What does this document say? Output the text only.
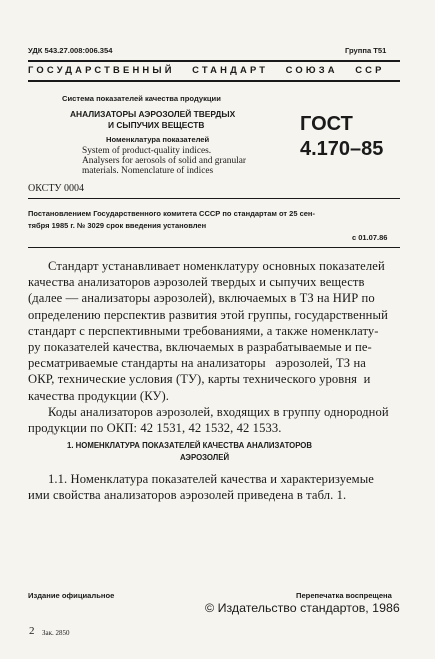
УДК 543.27.008:006.354	Группа Т51
ГОСУДАРСТВЕННЫЙ   СТАНДАРТ   СОЮЗА   ССР
Система показателей качества продукции
АНАЛИЗАТОРЫ АЭРОЗОЛЕЙ ТВЕРДЫХ
И СЫПУЧИХ ВЕЩЕСТВ
Номенклатура показателей
System of product-quality indices.
Analysers for aerosols of solid and granular
materials. Nomenclature of indices
ГОСТ
4.170–85
ОКСТУ 0004
Постановлением Государственного комитета СССР по стандартам от 25 сен-
тября 1985 г. № 3029 срок введения установлен
с 01.07.86
Стандарт устанавливает номенклатуру основных показателей
качества анализаторов аэрозолей твердых и сыпучих веществ
(далее — анализаторы аэрозолей), включаемых в ТЗ на НИР по
определению перспектив развития этой группы, государственный
стандарт с перспективными требованиями, а также номенклату-
ру показателей качества, включаемых в разрабатываемые и пе-
ресматриваемые стандарты на анализаторы   аэрозолей, ТЗ на
ОКР, технические условия (ТУ), карты технического уровня  и
качества продукции (КУ).
Коды анализаторов аэрозолей, входящих в группу однородной
продукции по ОКП: 42 1531, 42 1532, 42 1533.
1. НОМЕНКЛАТУРА ПОКАЗАТЕЛЕЙ КАЧЕСТВА АНАЛИЗАТОРОВ
АЭРОЗОЛЕЙ
1.1. Номенклатура показателей качества и характеризуемые
ими свойства анализаторов аэрозолей приведена в табл. 1.
Издание официальное	Перепечатка воспрещена
© Издательство стандартов, 1986
2 Зак. 2850
